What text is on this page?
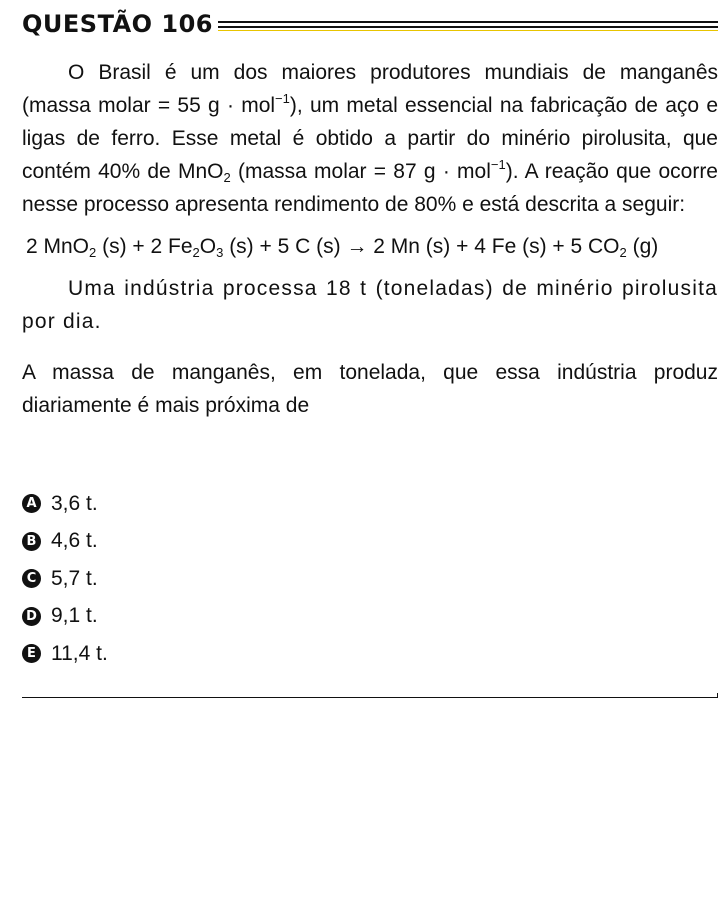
QUESTÃO 106

O Brasil é um dos maiores produtores mundiais de manganês (massa molar = 55 g · mol$^{-1}$), um metal essencial na fabricação de aço e ligas de ferro. Esse metal é obtido a partir do minério pirolusita, que contém 40% de MnO$_2$ (massa molar = 87 g · mol$^{-1}$). A reação que ocorre nesse processo apresenta rendimento de 80% e está descrita a seguir:

2 MnO$_2$ (s) + 2 $Fe_2O_3$ (s) + 5 C (s) → 2 Mn (s) + 4 Fe (s) + 5 $CO_2$ (g)

Uma indústria processa 18 t (toneladas) de minério pirolusita por dia.

A massa de manganês, em tonelada, que essa indústria produz diariamente é mais próxima de

A 3,6 t.
B 4,6 t.
C 5,7 t.
D 9,1 t.
E 11,4 t.
